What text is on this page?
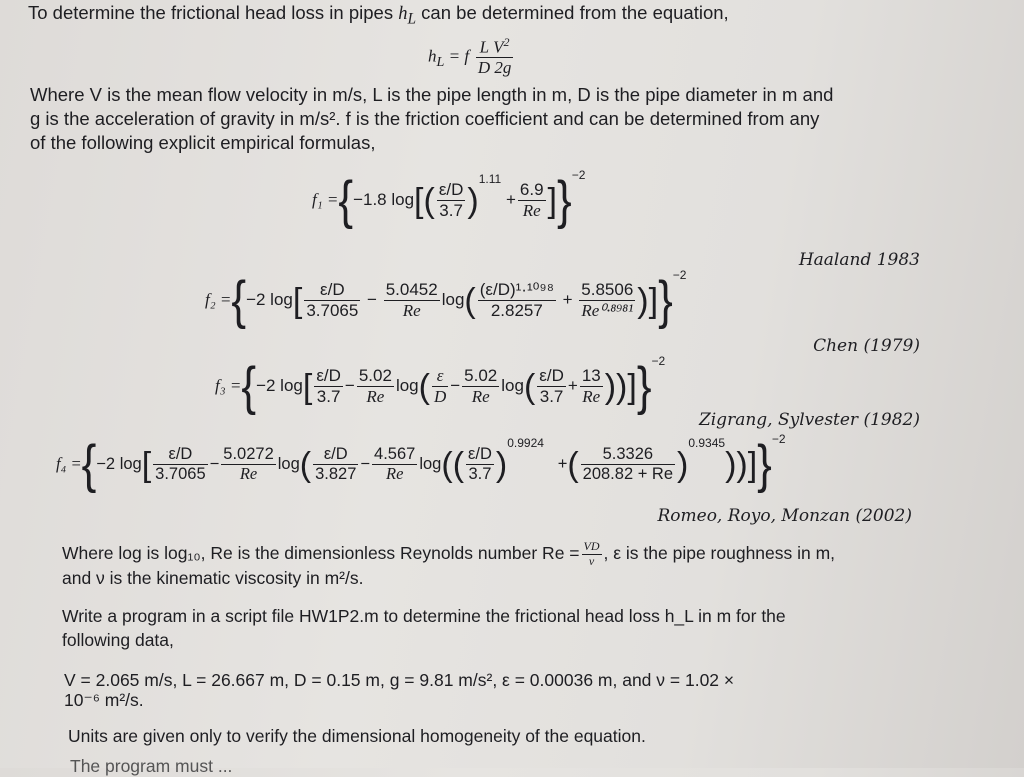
To determine the frictional head loss in pipes $h_L$ can be determined from the equation,
$h_L = f \frac{L V^2}{D 2g}$
Where V is the mean flow velocity in m/s, L is the pipe length in m, D is the pipe diameter in m and
g is the acceleration of gravity in m/s². f is the friction coefficient and can be determined from any
of the following explicit empirical formulas,
f₁ ={−1.8 $\log[( \frac{\varepsilon/D}{3.7} )^{1.11} + \frac{6.9}{Re} ]\}^{-2}$
Haaland 1983
f₂ ={−2 $\log[ \frac{\varepsilon/D}{3.7065} - \frac{5.0452}{Re} \log( \frac{\text{(ε/D)¹·¹⁰⁹⁸}}{2.8257} + \frac{5.8506}{\text{Re⁰·⁸⁹⁸¹}} )]\}^{-2}$
Chen (1979)
f₃ ={−2 $\log[ \frac{\varepsilon/D}{3.7} - \frac{5.02}{Re} \log( \frac{\varepsilon}{D} - \frac{5.02}{Re} \log( \frac{\varepsilon/D}{3.7} + \frac{13}{Re} ))]\}^{-2}$
Zigrang, Sylvester (1982)
f₄ ={−2 $\log[ \frac{\varepsilon/D}{3.7065} - \frac{5.0272}{Re} \log( \frac{\varepsilon/D}{3.827} - \frac{4.567}{Re} \log(( \frac{\varepsilon/D}{3.7} )^{0.9924}$   +( $\frac{5.3326}{208.82 + Re} )^{0.9345}))]\}^{-2}$
Romeo, Royo, Monzan (2002)
Where log is log₁₀, Re is the dimensionless Reynolds number $Re = \frac{VD}{\nu}$ , ε is the pipe roughness in m,
and ν is the kinematic viscosity in m²/s.
Write a program in a script file HW1P2.m to determine the frictional head loss h_L in m for the
following data,
V = 2.065 m/s, L = 26.667 m, D = 0.15 m, g = 9.81 m/s², ε = 0.00036 m, and ν = 1.02 ×
10⁻⁶ m²/s.
Units are given only to verify the dimensional homogeneity of the equation.
The program must ...
